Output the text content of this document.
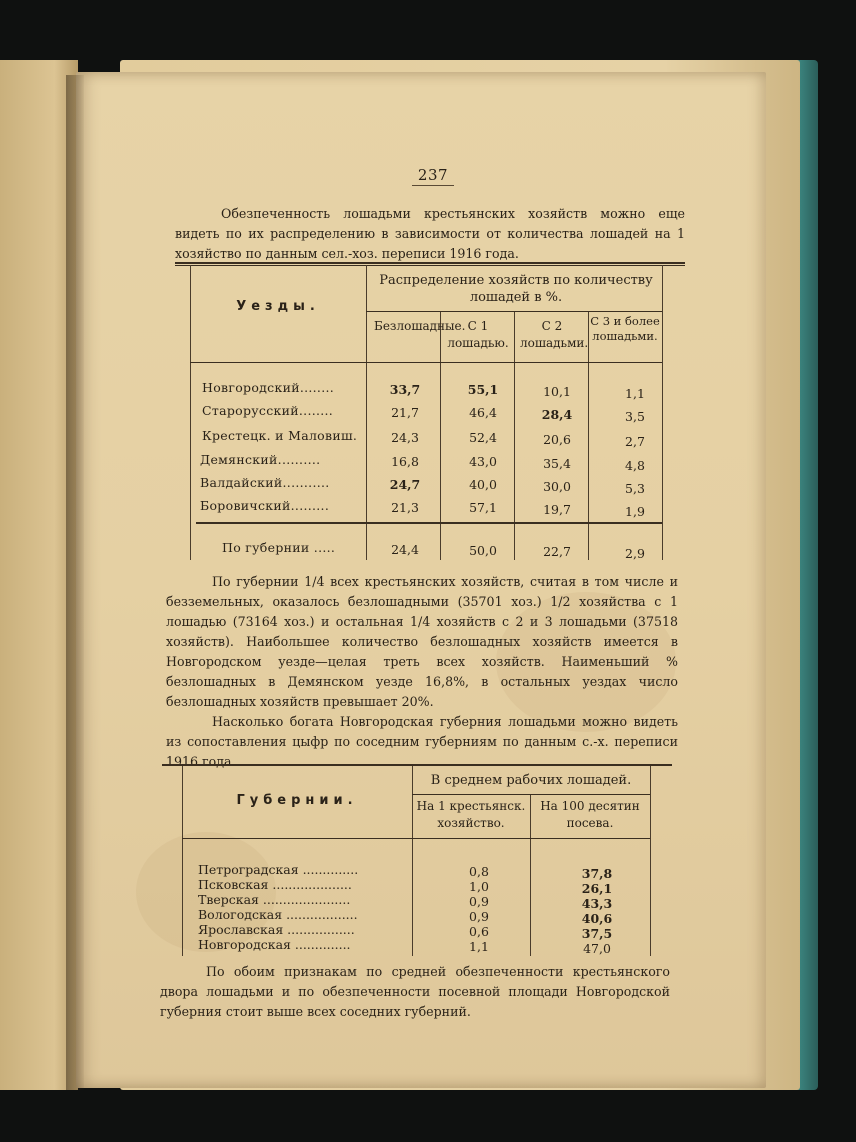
237
Обезпеченность лошадьми крестьянских хозяйств можно еще видеть по их распределению в зависимости от количества лошадей на 1 хозяйство по данным сел.-хоз. переписи 1916 года.
Уезды.
Распределение хозяйств по количеству лошадей в %.
Безлошадные. С 1 лошадью.
С 2 лошадьми.
С 3 и более лошадьми.
Новгородский........	33,7	55,1	10,1	1,1
Старорусский........	21,7	46,4	28,4	3,5
Крестецк. и Маловиш.	24,3	52,4	20,6	2,7
Демянский..........	16,8	43,0	35,4	4,8
Валдайский...........	24,7	40,0	30,0	5,3
Боровичский.........	21,3	57,1	19,7	1,9
По губернии .....	24,4	50,0	22,7	2,9
По губернии 1/4 всех крестьянских хозяйств, считая в том числе и безземельных, оказалось безлошадными (35701 хоз.) 1/2 хозяйства с 1 лошадью (73164 хоз.) и остальная 1/4 хозяйств с 2 и 3 лошадьми (37518 хозяйств). Наибольшее количество безлошадных хозяйств имеется в Новгородском уезде—целая треть всех хозяйств. Наименьший % безлошадных в Демянском уезде 16,8%, в остальных уездах число безлошадных хозяйств превышает 20%.
Насколько богата Новгородская губерния лошадьми можно видеть из сопоставления цыфр по соседним губерниям по данным с.-х. переписи 1916 года.
Губернии.
В среднем рабочих лошадей.
На 1 крестьянск. хозяйство.
На 100 десятин посева.
Петроградская ..............	0,8	37,8
Псковская ....................	1,0	26,1
Тверская ......................	0,9	43,3
Вологодская ..................	0,9	40,6
Ярославская .................	0,6	37,5
Новгородская ..............	1,1	47,0
По обоим признакам по средней обезпеченности крестьянского двора лошадьми и по обезпеченности посевной площади Новгородской губерния стоит выше всех соседних губерний.
